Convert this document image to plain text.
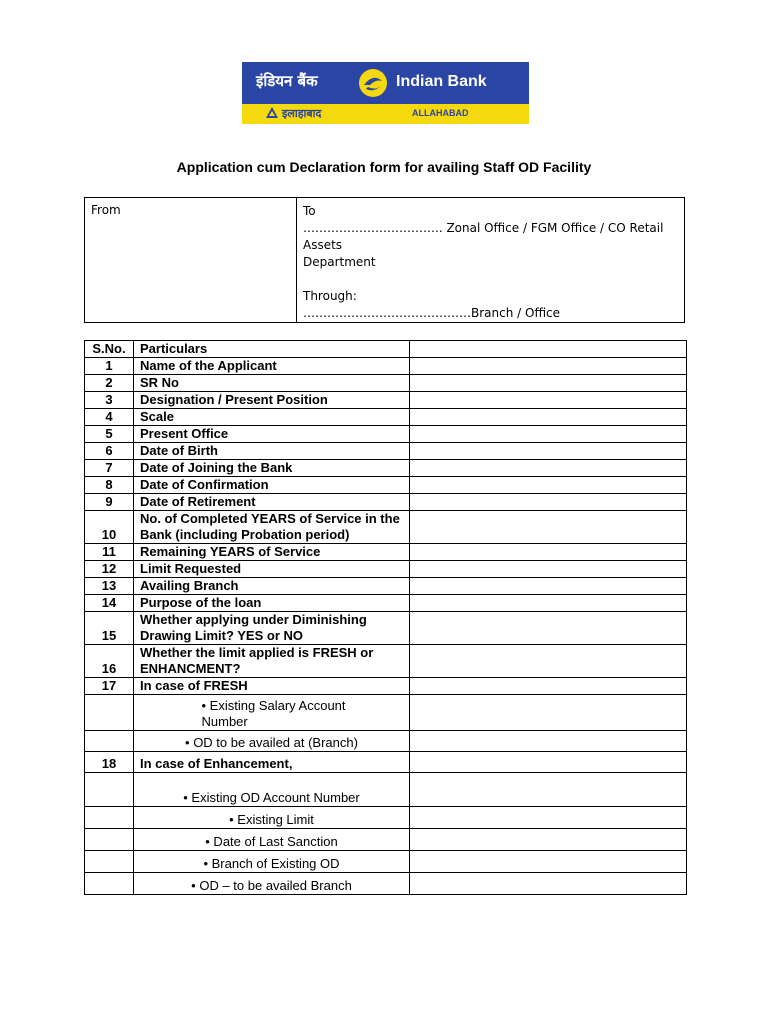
इंडियन बैंक	Indian Bank
इलाहाबाद	ALLAHABAD
Application cum Declaration form for availing Staff OD Facility
From	To
…………………………….. Zonal Office / FGM Office / CO Retail Assets
Department
Through:
……………………………………Branch / Office
S.No.	Particulars	
1	Name of the Applicant	
2	SR No	
3	Designation / Present Position	
4	Scale	
5	Present Office	
6	Date of Birth	
7	Date of Joining the Bank	
8	Date of Confirmation	
9	Date of Retirement	
10	No. of Completed YEARS of Service in the Bank (including Probation period)	
11	Remaining YEARS of Service	
12	Limit Requested	
13	Availing Branch	
14	Purpose of the loan	
15	Whether applying under Diminishing Drawing Limit? YES or NO	
16	Whether the limit applied is FRESH or ENHANCMENT?	
17	In case of FRESH	
	• Existing Salary Account Number	
	• OD to be availed at (Branch)	
18	In case of Enhancement,	
	• Existing OD Account Number	
	• Existing Limit	
	• Date of Last Sanction	
	• Branch of Existing OD	
	• OD – to be availed Branch	
